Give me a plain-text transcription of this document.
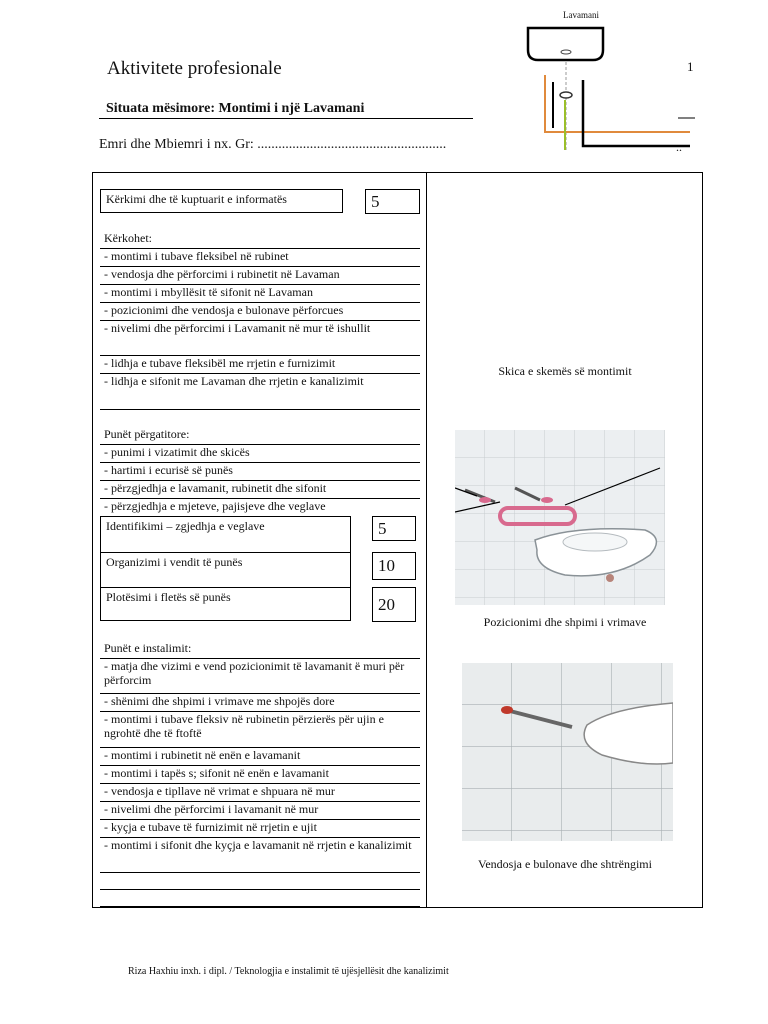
Lavamani
1
..
Aktivitete profesionale
Situata mësimore: Montimi i një Lavamani
Emri dhe Mbiemri i nx. Gr: ......................................................
Kërkimi dhe të kuptuarit e informatës	5
Kërkohet:
- montimi i tubave fleksibel në rubinet
- vendosja dhe përforcimi i rubinetit në Lavaman
- montimi i mbyllësit të sifonit në Lavaman
- pozicionimi dhe vendosja e bulonave përforcues
- nivelimi dhe përforcimi i Lavamanit në mur të ishullit
- lidhja e tubave fleksibël me rrjetin e furnizimit
- lidhja e sifonit me Lavaman dhe rrjetin e kanalizimit
Punët përgatitore:
- punimi i vizatimit dhe skicës
- hartimi i ecurisë së punës
- përzgjedhja e lavamanit, rubinetit dhe sifonit
- përzgjedhja e mjeteve, pajisjeve dhe veglave
Identifikimi – zgjedhja e veglave	5
Organizimi i vendit të punës	10
Plotësimi i fletës së punës	20
Punët e instalimit:
- matja dhe vizimi e vend pozicionimit të lavamanit ë muri për përforcim
- shënimi dhe shpimi i vrimave me shpojës dore
- montimi i tubave fleksiv në rubinetin përzierës për ujin e ngrohtë dhe të ftoftë
- montimi i rubinetit në enën e lavamanit
- montimi i tapës s; sifonit në enën e lavamanit
- vendosja e tipllave në vrimat e shpuara në mur
- nivelimi dhe përforcimi i lavamanit në mur
- kyçja e tubave të furnizimit në rrjetin e ujit
- montimi i sifonit dhe kyçja e lavamanit në rrjetin e kanalizimit
Skica e skemës së montimit
Pozicionimi dhe shpimi i vrimave
Vendosja e bulonave dhe shtrëngimi
Riza Haxhiu inxh. i dipl. / Teknologjia e instalimit të ujësjellësit dhe kanalizimit
